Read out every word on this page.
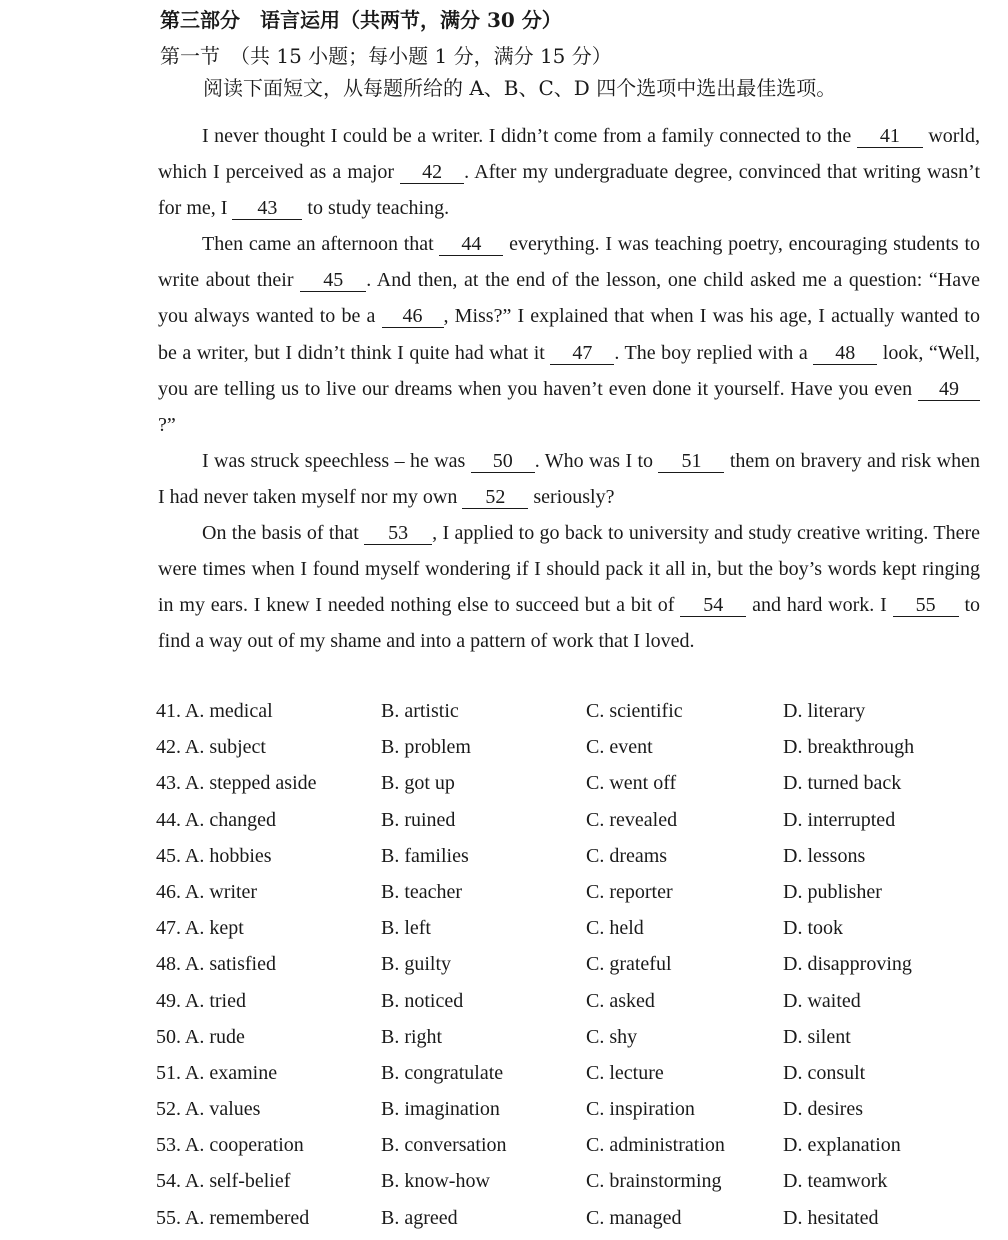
第三部分　语言运用（共两节，满分 30 分）
第一节　（共 15 小题；每小题 1 分，满分 15 分）
阅读下面短文，从每题所给的 A、B、C、D 四个选项中选出最佳选项。

I never thought I could be a writer. I didn’t come from a family connected to the 41 world, which I perceived as a major 42 . After my undergraduate degree, convinced that writing wasn’t for me, I 43 to study teaching.

Then came an afternoon that 44 everything. I was teaching poetry, encouraging students to write about their 45 . And then, at the end of the lesson, one child asked me a question: “Have you always wanted to be a 46 , Miss?” I explained that when I was his age, I actually wanted to be a writer, but I didn’t think I quite had what it 47 . The boy replied with a 48 look, “Well, you are telling us to live our dreams when you haven’t even done it yourself. Have you even 49?”

I was struck speechless – he was 50 . Who was I to 51 them on bravery and risk when I had never taken myself nor my own 52 seriously?

On the basis of that 53 , I applied to go back to university and study creative writing. There were times when I found myself wondering if I should pack it all in, but the boy’s words kept ringing in my ears. I knew I needed nothing else to succeed but a bit of 54 and hard work. I 55 to find a way out of my shame and into a pattern of work that I loved.

41. A. medical	B. artistic	C. scientific	D. literary
42. A. subject	B. problem	C. event	D. breakthrough
43. A. stepped aside	B. got up	C. went off	D. turned back
44. A. changed	B. ruined	C. revealed	D. interrupted
45. A. hobbies	B. families	C. dreams	D. lessons
46. A. writer	B. teacher	C. reporter	D. publisher
47. A. kept	B. left	C. held	D. took
48. A. satisfied	B. guilty	C. grateful	D. disapproving
49. A. tried	B. noticed	C. asked	D. waited
50. A. rude	B. right	C. shy	D. silent
51. A. examine	B. congratulate	C. lecture	D. consult
52. A. values	B. imagination	C. inspiration	D. desires
53. A. cooperation	B. conversation	C. administration	D. explanation
54. A. self-belief	B. know-how	C. brainstorming	D. teamwork
55. A. remembered	B. agreed	C. managed	D. hesitated
